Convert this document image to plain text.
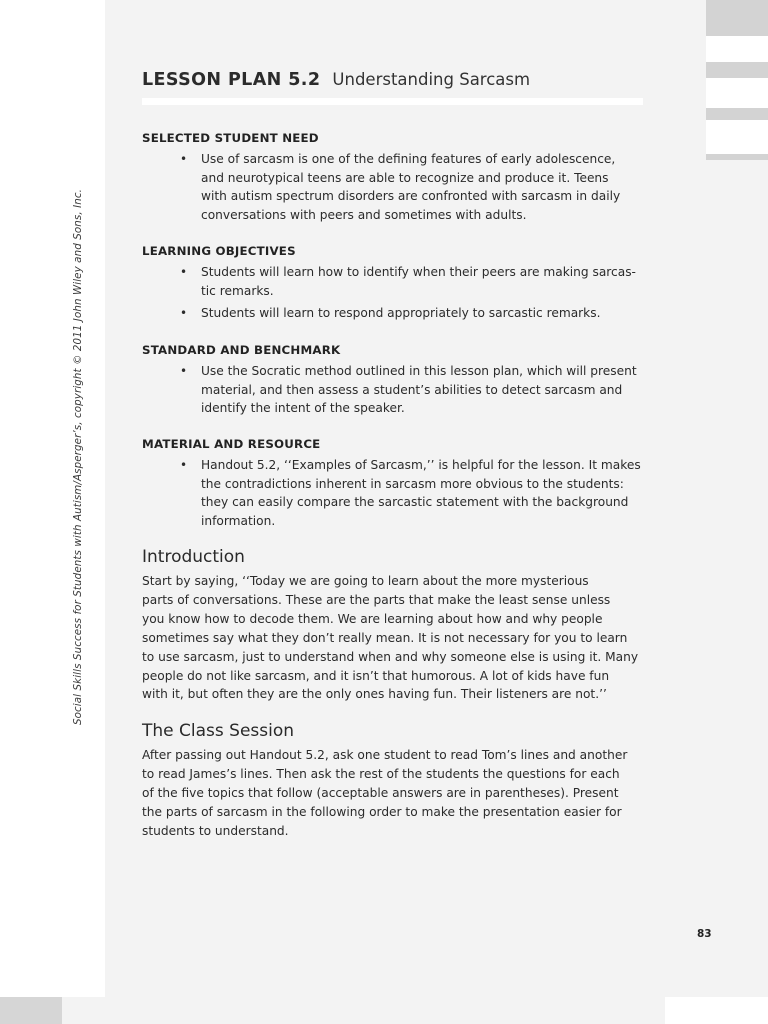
Social Skills Success for Students with Autism/Asperger’s, copyright © 2011 John Wiley and Sons, Inc.
LESSON PLAN 5.2 Understanding Sarcasm
SELECTED STUDENT NEED
• Use of sarcasm is one of the defining features of early adolescence,
and neurotypical teens are able to recognize and produce it. Teens
with autism spectrum disorders are confronted with sarcasm in daily
conversations with peers and sometimes with adults.
LEARNING OBJECTIVES
• Students will learn how to identify when their peers are making sarcas-
tic remarks.
• Students will learn to respond appropriately to sarcastic remarks.
STANDARD AND BENCHMARK
• Use the Socratic method outlined in this lesson plan, which will present
material, and then assess a student’s abilities to detect sarcasm and
identify the intent of the speaker.
MATERIAL AND RESOURCE
• Handout 5.2, ‘‘Examples of Sarcasm,’’ is helpful for the lesson. It makes
the contradictions inherent in sarcasm more obvious to the students:
they can easily compare the sarcastic statement with the background
information.
Introduction
Start by saying, ‘‘Today we are going to learn about the more mysterious
parts of conversations. These are the parts that make the least sense unless
you know how to decode them. We are learning about how and why people
sometimes say what they don’t really mean. It is not necessary for you to learn
to use sarcasm, just to understand when and why someone else is using it. Many
people do not like sarcasm, and it isn’t that humorous. A lot of kids have fun
with it, but often they are the only ones having fun. Their listeners are not.’’
The Class Session
After passing out Handout 5.2, ask one student to read Tom’s lines and another
to read James’s lines. Then ask the rest of the students the questions for each
of the five topics that follow (acceptable answers are in parentheses). Present
the parts of sarcasm in the following order to make the presentation easier for
students to understand.
83
